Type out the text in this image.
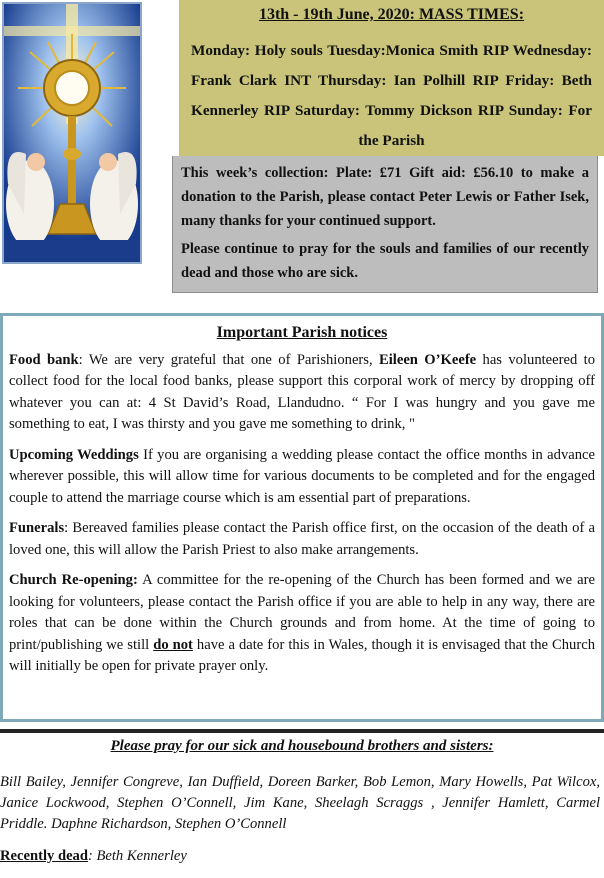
13th - 19th June, 2020: MASS TIMES:

Monday: Holy souls Tuesday:Monica Smith RIP Wednesday: Frank Clark INT Thursday: Ian Polhill RIP Friday: Beth Kennerley RIP Saturday: Tommy Dickson RIP Sunday: For the Parish

This week’s collection: Plate: £71 Gift aid: £56.10 to make a donation to the Parish, please contact Peter Lewis or Father Isek, many thanks for your continued support.

Please continue to pray for the souls and families of our recently dead and those who are sick.

Important Parish notices

Food bank: We are very grateful that one of Parishioners, Eileen O’Keefe has volunteered to collect food for the local food banks, please support this corporal work of mercy by dropping off whatever you can at: 4 St David’s Road, Llandudno. “ For I was hungry and you gave me something to eat, I was thirsty and you gave me something to drink, "

Upcoming Weddings If you are organising a wedding please contact the office months in advance wherever possible, this will allow time for various documents to be completed and for the engaged couple to attend the marriage course which is am essential part of preparations.

Funerals: Bereaved families please contact the Parish office first, on the occasion of the death of a loved one, this will allow the Parish Priest to also make arrangements.

Church Re-opening: A committee for the re-opening of the Church has been formed and we are looking for volunteers, please contact the Parish office if you are able to help in any way, there are roles that can be done within the Church grounds and from home. At the time of going to print/publishing we still do not have a date for this in Wales, though it is envisaged that the Church will initially be open for private prayer only.

Please pray for our sick and housebound brothers and sisters:
Bill Bailey, Jennifer Congreve, Ian Duffield, Doreen Barker, Bob Lemon, Mary Howells, Pat Wilcox, Janice Lockwood, Stephen O’Connell, Jim Kane, Sheelagh Scraggs , Jennifer Hamlett, Carmel Priddle. Daphne Richardson, Stephen O’Connell
Recently dead: Beth Kennerley
